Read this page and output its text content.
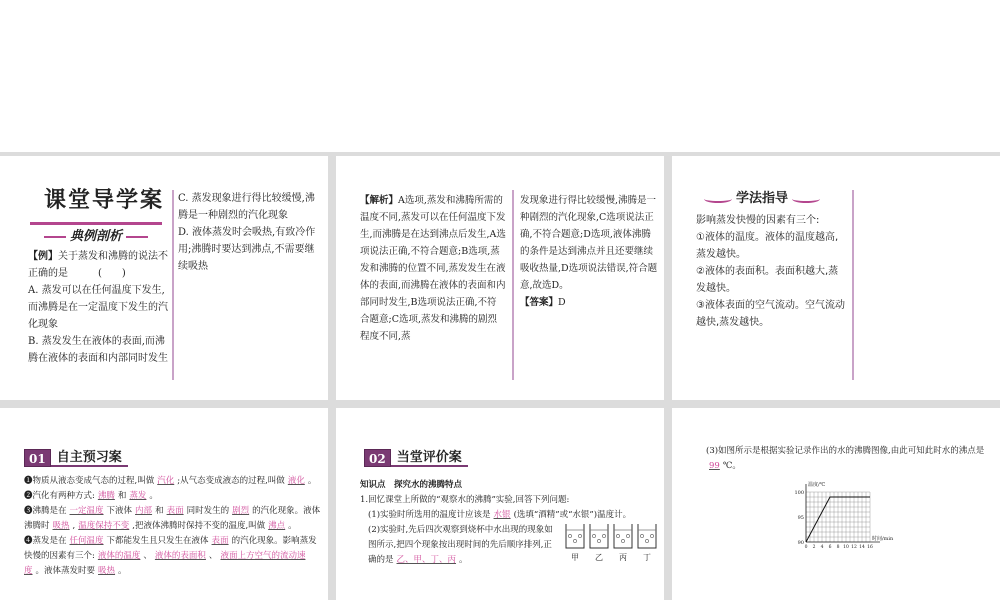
课堂导学案
典例剖析
【例】关于蒸发和沸腾的说法不正确的是　　　	(　　)
A. 蒸发可以在任何温度下发生,而沸腾是在一定温度下发生的汽化现象
B. 蒸发发生在液体的表面,而沸腾在液体的表面和内部同时发生
C. 蒸发现象进行得比较缓慢,沸腾是一种剧烈的汽化现象
D. 液体蒸发时会吸热,有致冷作用;沸腾时要达到沸点,不需要继续吸热
【解析】A选项,蒸发和沸腾所需的温度不同,蒸发可以在任何温度下发生,而沸腾是在达到沸点后发生,A选项说法正确,不符合题意;B选项,蒸发和沸腾的位置不同,蒸发发生在液体的表面,而沸腾在液体的表面和内部同时发生,B选项说法正确,不符合题意;C选项,蒸发和沸腾的剧烈程度不同,蒸
发现象进行得比较缓慢,沸腾是一种剧烈的汽化现象,C选项说法正确,不符合题意;D选项,液体沸腾的条件是达到沸点并且还要继续吸收热量,D选项说法错误,符合题意,故选D。
【答案】D
学法指导
影响蒸发快慢的因素有三个:
①液体的温度。液体的温度越高,蒸发越快。
②液体的表面积。表面积越大,蒸发越快。
③液体表面的空气流动。空气流动越快,蒸发越快。
01 自主预习案
❶物质从液态变成气态的过程,叫做 汽化 ;从气态变成液态的过程,叫做 液化 。
❷汽化有两种方式: 沸腾 和 蒸发 。
❸沸腾是在 一定温度 下液体 内部 和 表面 同时发生的 剧烈 的汽化现象。液体沸腾时 吸热 , 温度保持不变 ,把液体沸腾时保持不变的温度,叫做 沸点 。
❹蒸发是在 任何温度 下都能发生且只发生在液体 表面 的汽化现象。影响蒸发快慢的因素有三个: 液体的温度 、 液体的表面积 、 液面上方空气的流动速度 。液体蒸发时要 吸热 。
02 当堂评价案
知识点　探究水的沸腾特点
1.回忆课堂上所做的“观察水的沸腾”实验,回答下列问题:
(1)实验时所选用的温度计应该是 水银 (选填“酒精”或“水银”)温度计。
(2)实验时,先后四次观察到烧杯中水出现的现象如图所示,把四个现象按出现时间的先后顺序排列,正确的是 乙、甲、丁、丙 。	甲 乙 丙 丁
(3)如图所示是根据实验记录作出的水的沸腾图像,由此可知此时水的沸点是99 ℃。
温度/℃
100
95
90
0 2 4 6 8 10 12 14 16
时间/min
